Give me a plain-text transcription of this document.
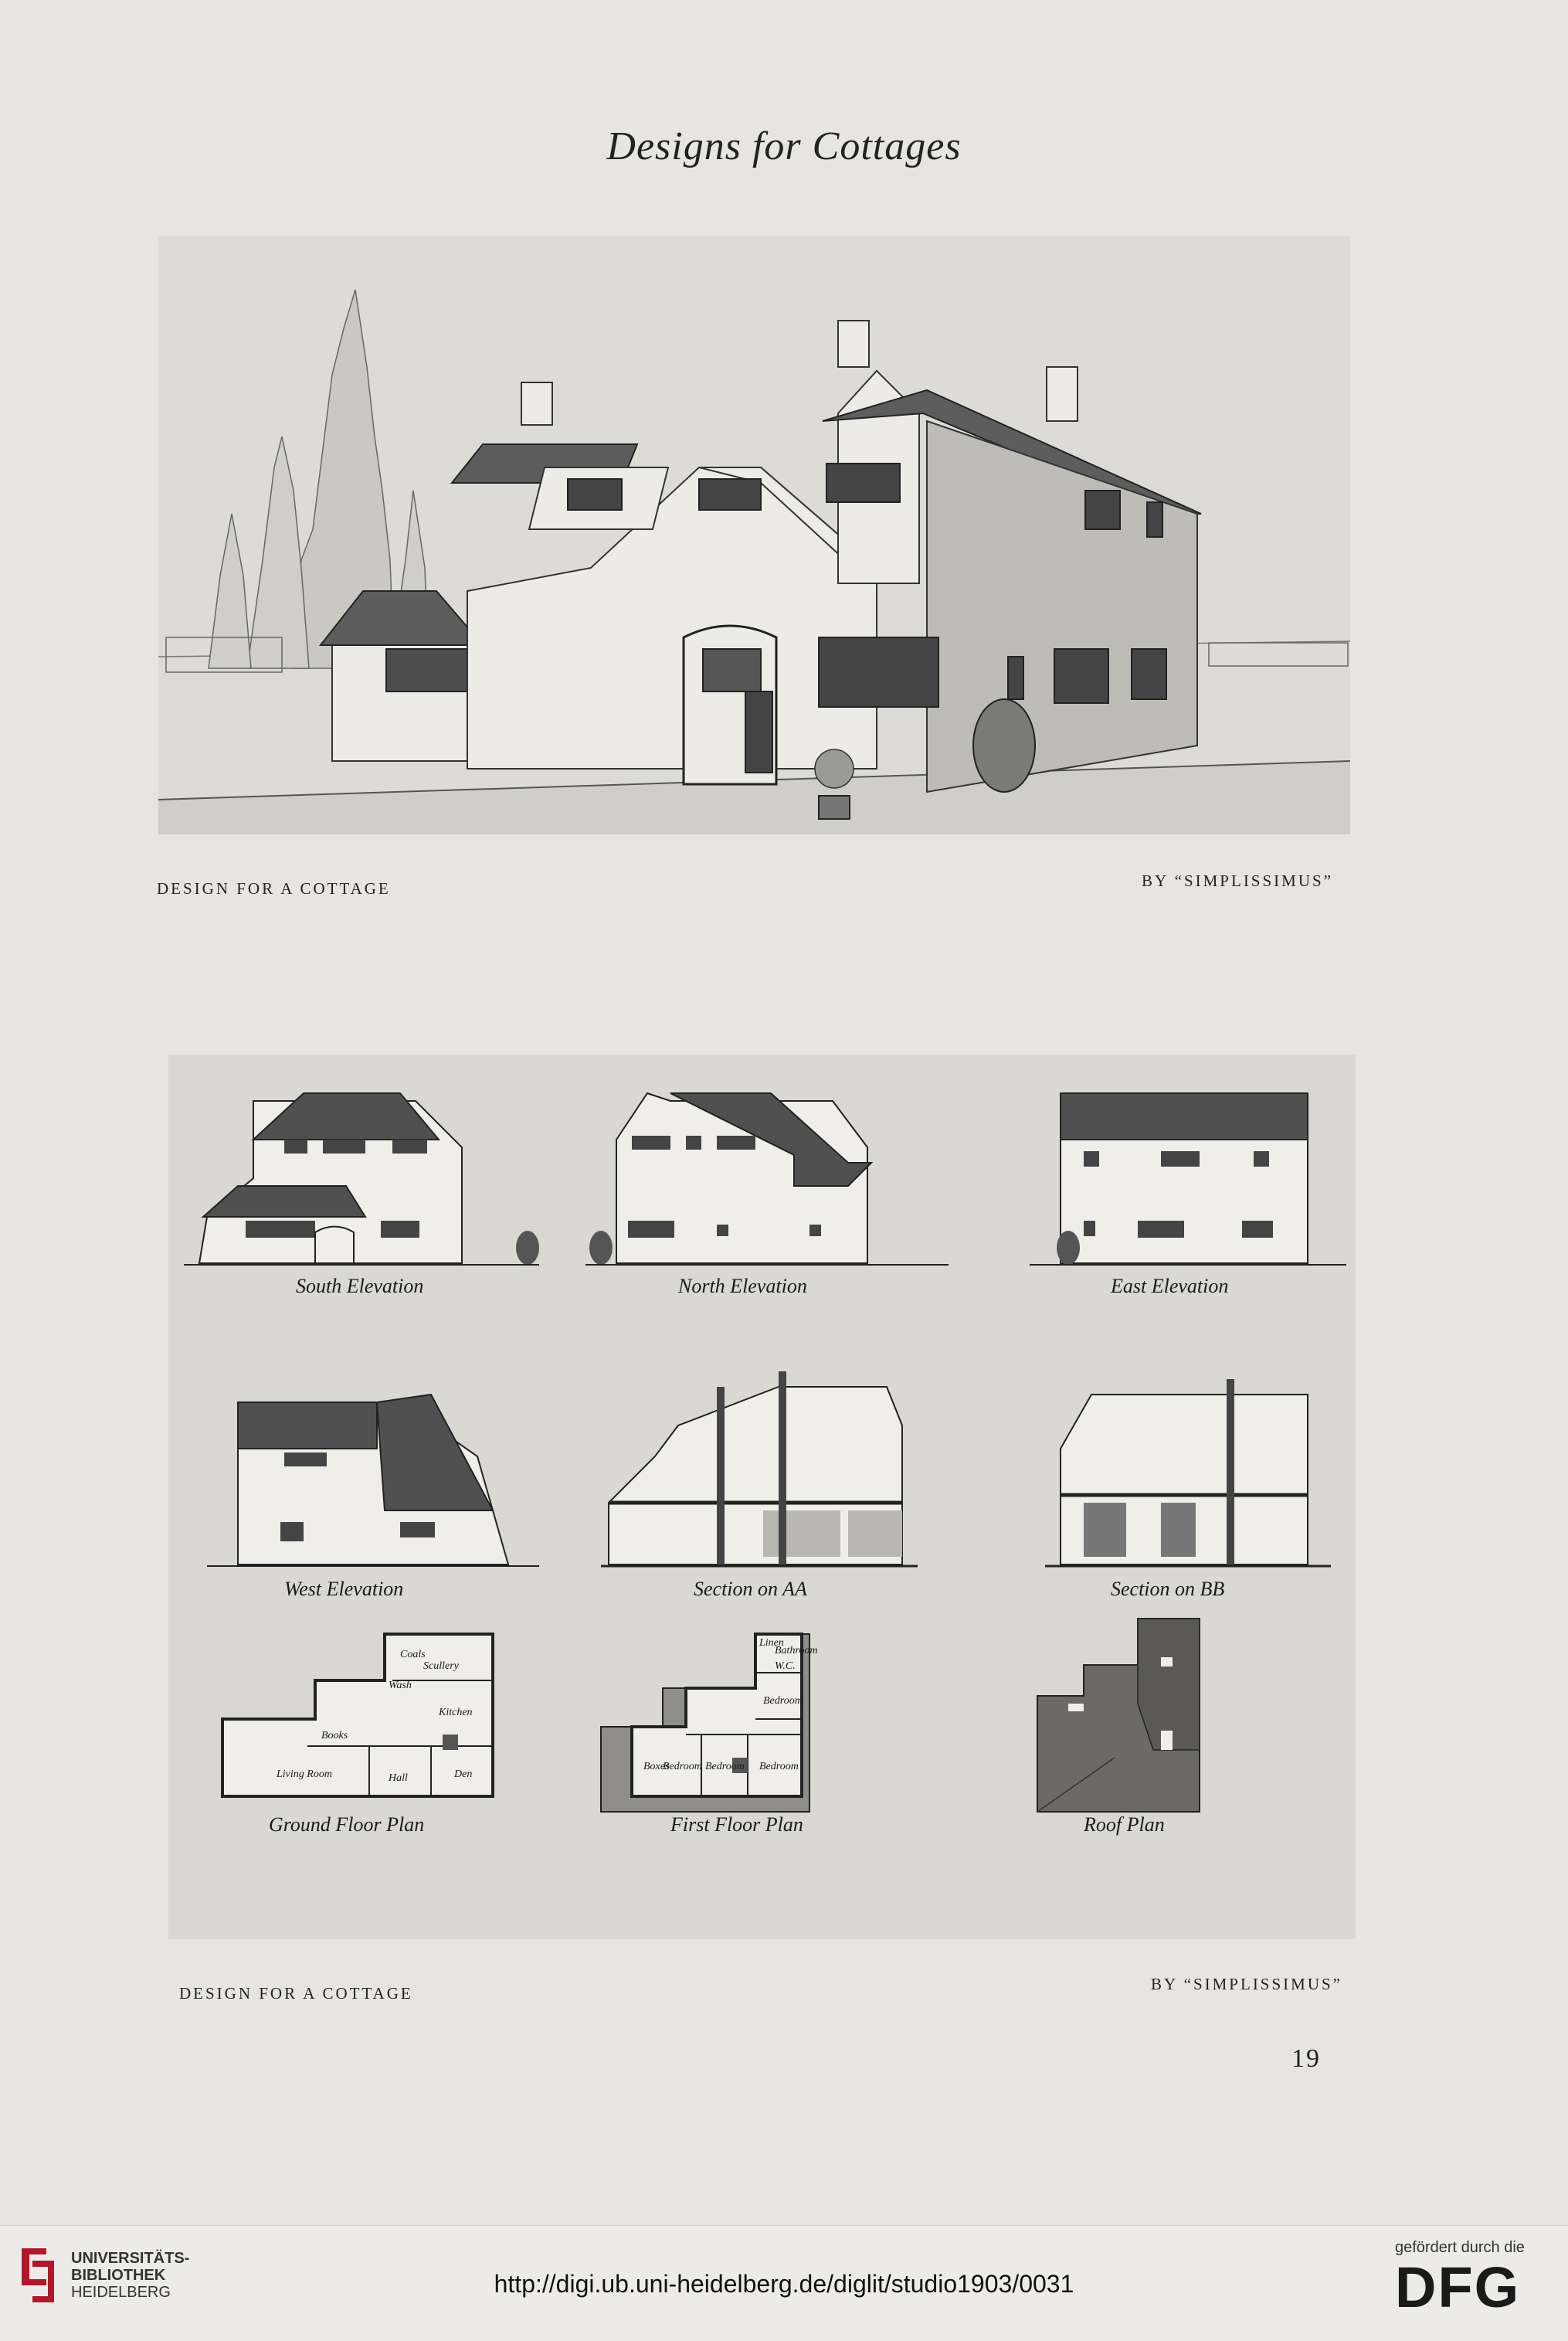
Designs for Cottages
DESIGN FOR A COTTAGE	BY “SIMPLISSIMUS”
South Elevation	North Elevation	East Elevation
West Elevation	Section on AA	Section on BB
Coals
Scullery
Wash
Kitchen
Books
Living Room	Hall	Den
Ground Floor Plan
Linen
Bathroom
W.C.
Bedroom
Boxes
Bedroom Bedroom Bedroom
First Floor Plan	Roof Plan
DESIGN FOR A COTTAGE	BY “SIMPLISSIMUS”
19
UNIVERSITÄTS-
BIBLIOTHEK
HEIDELBERG	http://digi.ub.uni-heidelberg.de/diglit/studio1903/0031
gefördert durch die
DFG
